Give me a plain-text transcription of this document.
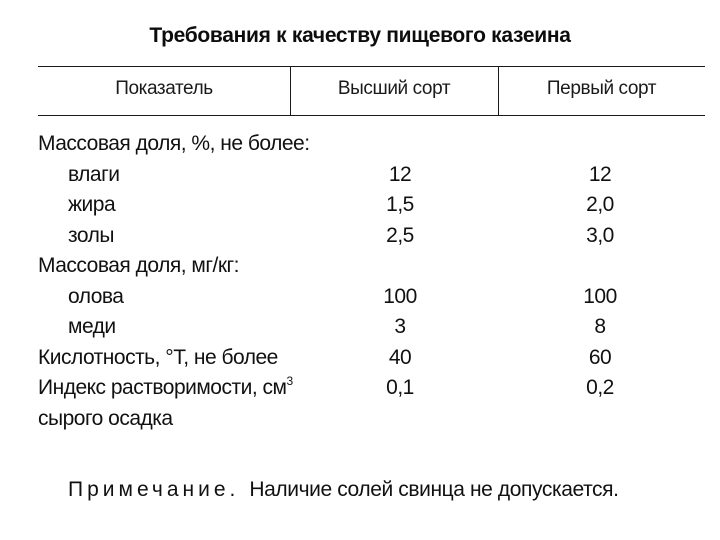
Требования к качеству пищевого казеина
Показатель	Высший сорт	Первый сорт
Массовая доля, %, не более:
влаги	12	12
жира	1,5	2,0
золы	2,5	3,0
Массовая доля, мг/кг:
олова	100	100
меди	3	8
Кислотность, °Т, не более	40	60
Индекс растворимости, $см^3$	0,1	0,2
сырого осадка
Примечание. Наличие солей свинца не допускается.
